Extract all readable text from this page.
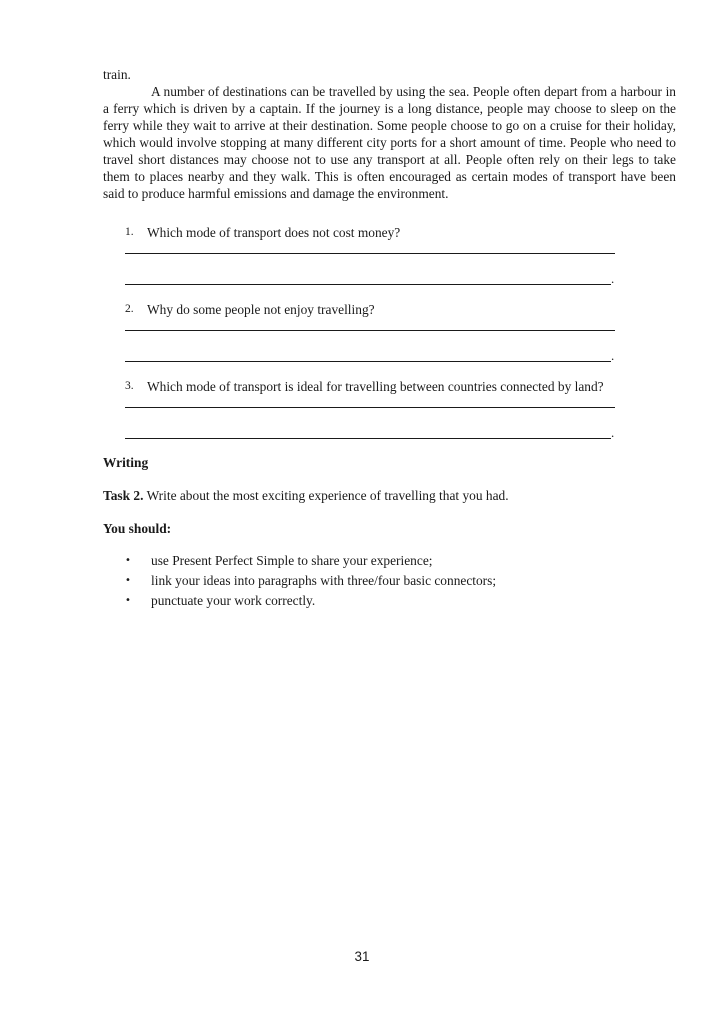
train.

A number of destinations can be travelled by using the sea. People often depart from a harbour in a ferry which is driven by a captain. If the journey is a long distance, people may choose to sleep on the ferry while they wait to arrive at their destination. Some people choose to go on a cruise for their holiday, which would involve stopping at many different city ports for a short amount of time. People who need to travel short distances may choose not to use any transport at all. People often rely on their legs to take them to places nearby and they walk. This is often encouraged as certain modes of transport have been said to produce harmful emissions and damage the environment.

1. Which mode of transport does not cost money?
.
2. Why do some people not enjoy travelling?
.
3. Which mode of transport is ideal for travelling between countries connected by land?
.
Writing

Task 2. Write about the most exciting experience of travelling that you had.

You should:

•	use Present Perfect Simple to share your experience;
•	link your ideas into paragraphs with three/four basic connectors;
•	punctuate your work correctly.
31
